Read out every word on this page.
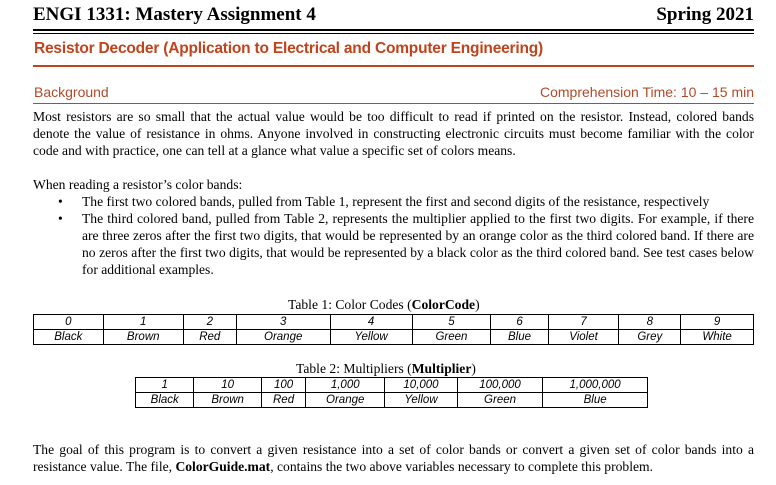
ENGI 1331: Mastery Assignment 4	Spring 2021
Resistor Decoder (Application to Electrical and Computer Engineering)
Background	Comprehension Time: 10 – 15 min
Most resistors are so small that the actual value would be too difficult to read if printed on the resistor. Instead, colored bands denote the value of resistance in ohms. Anyone involved in constructing electronic circuits must become familiar with the color code and with practice, one can tell at a glance what value a specific set of colors means.
When reading a resistor’s color bands:
• The first two colored bands, pulled from Table 1, represent the first and second digits of the resistance, respectively
• The third colored band, pulled from Table 2, represents the multiplier applied to the first two digits. For example, if there are three zeros after the first two digits, that would be represented by an orange color as the third colored band. If there are no zeros after the first two digits, that would be represented by a black color as the third colored band. See test cases below for additional examples.
Table 1: Color Codes (ColorCode)
0	1	2	3	4	5	6	7	8	9
Black	Brown	Red	Orange	Yellow	Green	Blue	Violet	Grey	White
Table 2: Multipliers (Multiplier)
1	10	100	1,000	10,000	100,000	1,000,000
Black	Brown	Red	Orange	Yellow	Green	Blue
The goal of this program is to convert a given resistance into a set of color bands or convert a given set of color bands into a resistance value. The file, ColorGuide.mat, contains the two above variables necessary to complete this problem.
